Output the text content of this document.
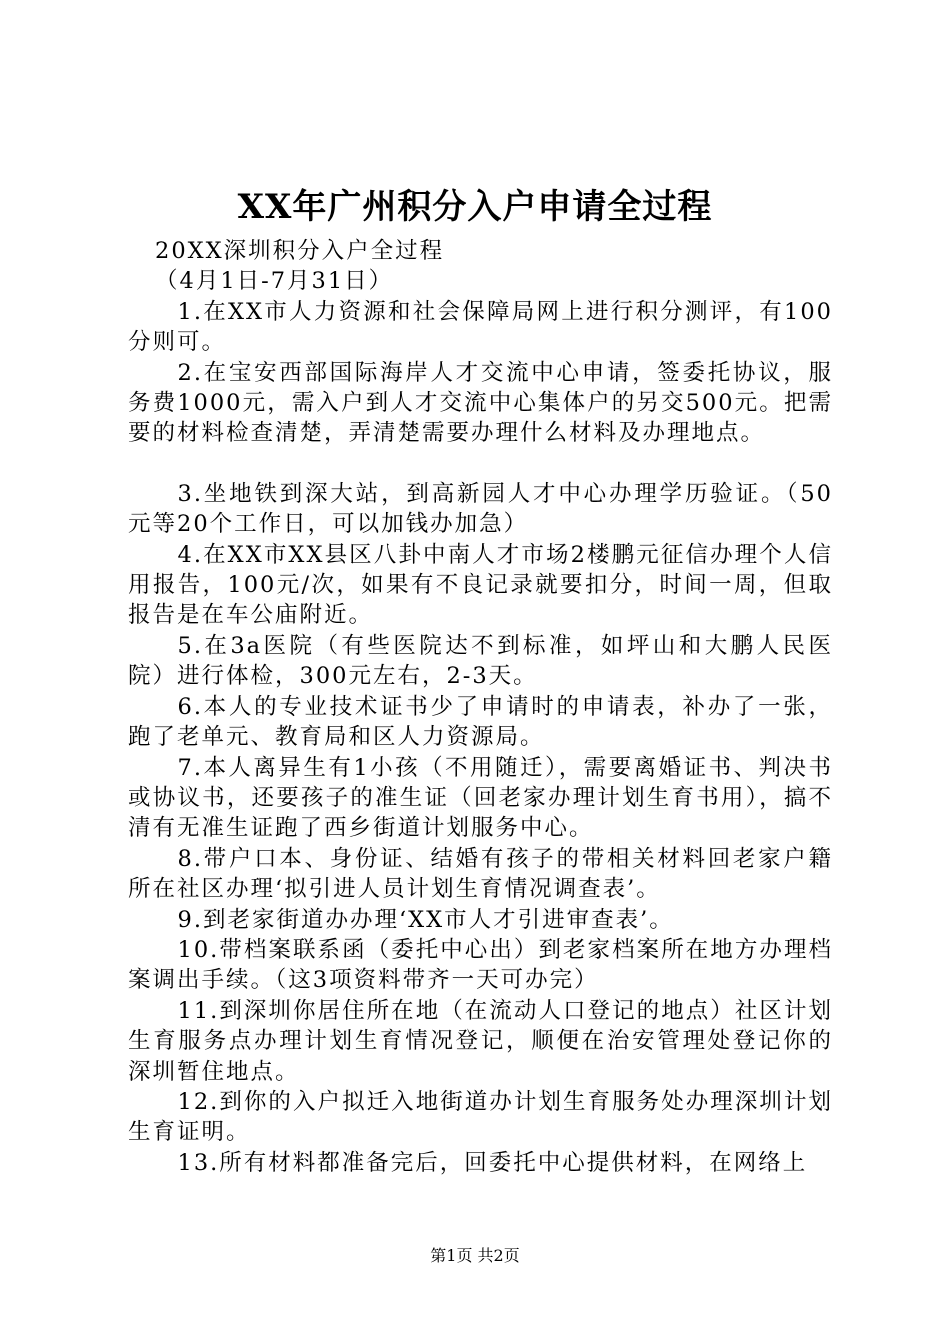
XX年广州积分入户申请全过程

20XX深圳积分入户全过程

（4月1日-7月31日）

1.在XX市人力资源和社会保障局网上进行积分测评，有100分则可。

2.在宝安西部国际海岸人才交流中心申请，签委托协议，服务费1000元，需入户到人才交流中心集体户的另交500元。把需要的材料检查清楚，弄清楚需要办理什么材料及办理地点。

3.坐地铁到深大站，到高新园人才中心办理学历验证。（50元等20个工作日，可以加钱办加急）

4.在XX市XX县区八卦中南人才市场2楼鹏元征信办理个人信用报告，100元/次，如果有不良记录就要扣分，时间一周，但取报告是在车公庙附近。

5.在3a医院（有些医院达不到标准，如坪山和大鹏人民医院）进行体检，300元左右，2-3天。

6.本人的专业技术证书少了申请时的申请表，补办了一张，跑了老单元、教育局和区人力资源局。

7.本人离异生有1小孩（不用随迁），需要离婚证书、判决书或协议书，还要孩子的准生证（回老家办理计划生育书用），搞不清有无准生证跑了西乡街道计划服务中心。

8.带户口本、身份证、结婚有孩子的带相关材料回老家户籍所在社区办理‘拟引进人员计划生育情况调查表’。

9.到老家街道办办理‘XX市人才引进审查表’。

10.带档案联系函（委托中心出）到老家档案所在地方办理档案调出手续。（这3项资料带齐一天可办完）

11.到深圳你居住所在地（在流动人口登记的地点）社区计划生育服务点办理计划生育情况登记，顺便在治安管理处登记你的深圳暂住地点。

12.到你的入户拟迁入地街道办计划生育服务处办理深圳计划生育证明。

13.所有材料都准备完后，回委托中心提供材料，在网络上

第1页 共2页
